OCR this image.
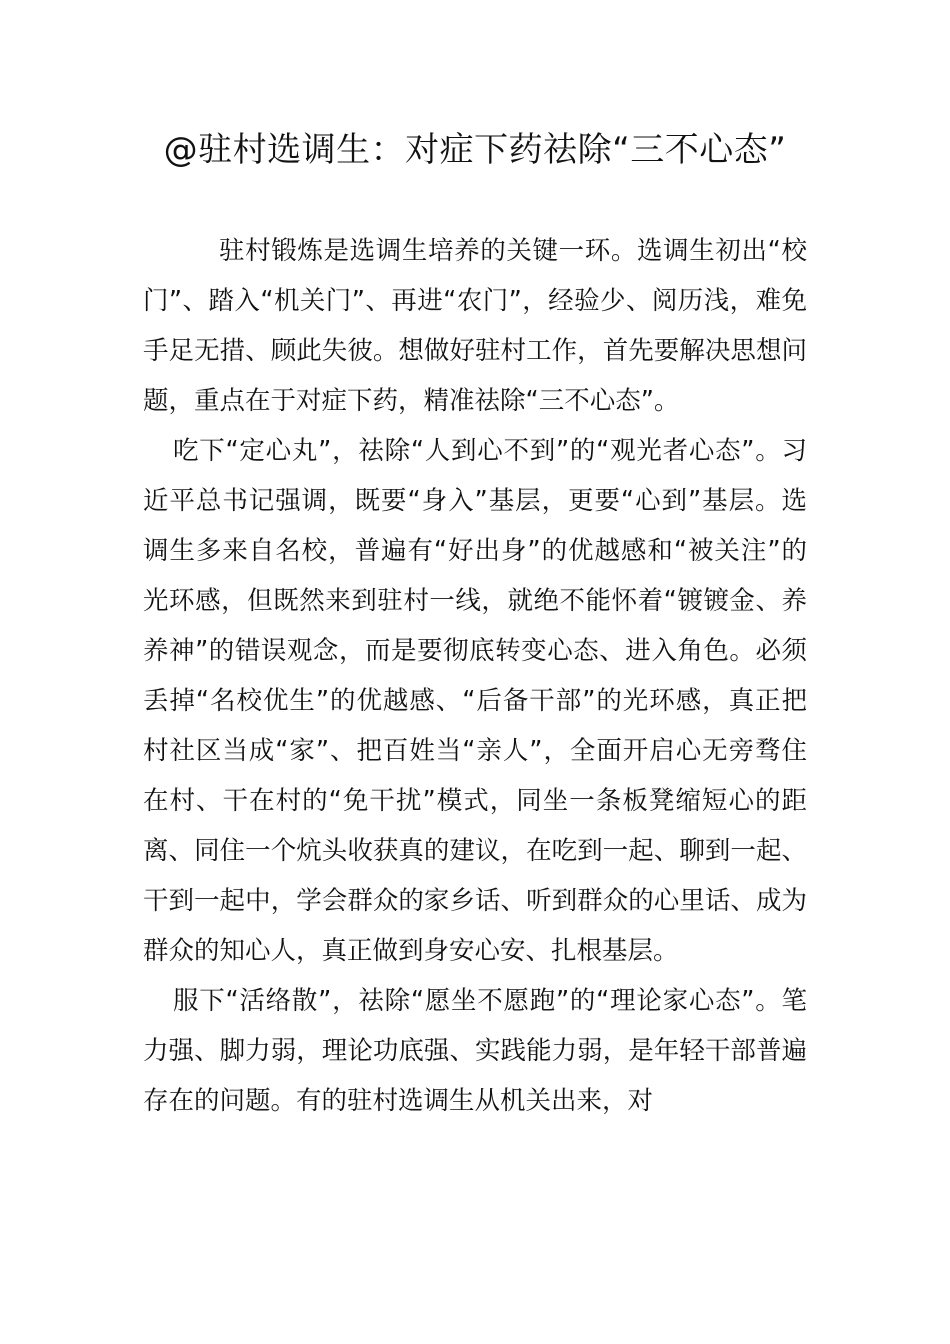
@驻村选调生：对症下药祛除“三不心态”

驻村锻炼是选调生培养的关键一环。选调生初出“校门”、踏入“机关门”、再进“农门”，经验少、阅历浅，难免手足无措、顾此失彼。想做好驻村工作，首先要解决思想问题，重点在于对症下药，精准祛除“三不心态”。

吃下“定心丸”，祛除“人到心不到”的“观光者心态”。习近平总书记强调，既要“身入”基层，更要“心到”基层。选调生多来自名校，普遍有“好出身”的优越感和“被关注”的光环感，但既然来到驻村一线，就绝不能怀着“镀镀金、养养神”的错误观念，而是要彻底转变心态、进入角色。必须丢掉“名校优生”的优越感、“后备干部”的光环感，真正把村社区当成“家”、把百姓当“亲人”，全面开启心无旁骛住在村、干在村的“免干扰”模式，同坐一条板凳缩短心的距离、同住一个炕头收获真的建议，在吃到一起、聊到一起、干到一起中，学会群众的家乡话、听到群众的心里话、成为群众的知心人，真正做到身安心安、扎根基层。

服下“活络散”，祛除“愿坐不愿跑”的“理论家心态”。笔力强、脚力弱，理论功底强、实践能力弱，是年轻干部普遍存在的问题。有的驻村选调生从机关出来，对
